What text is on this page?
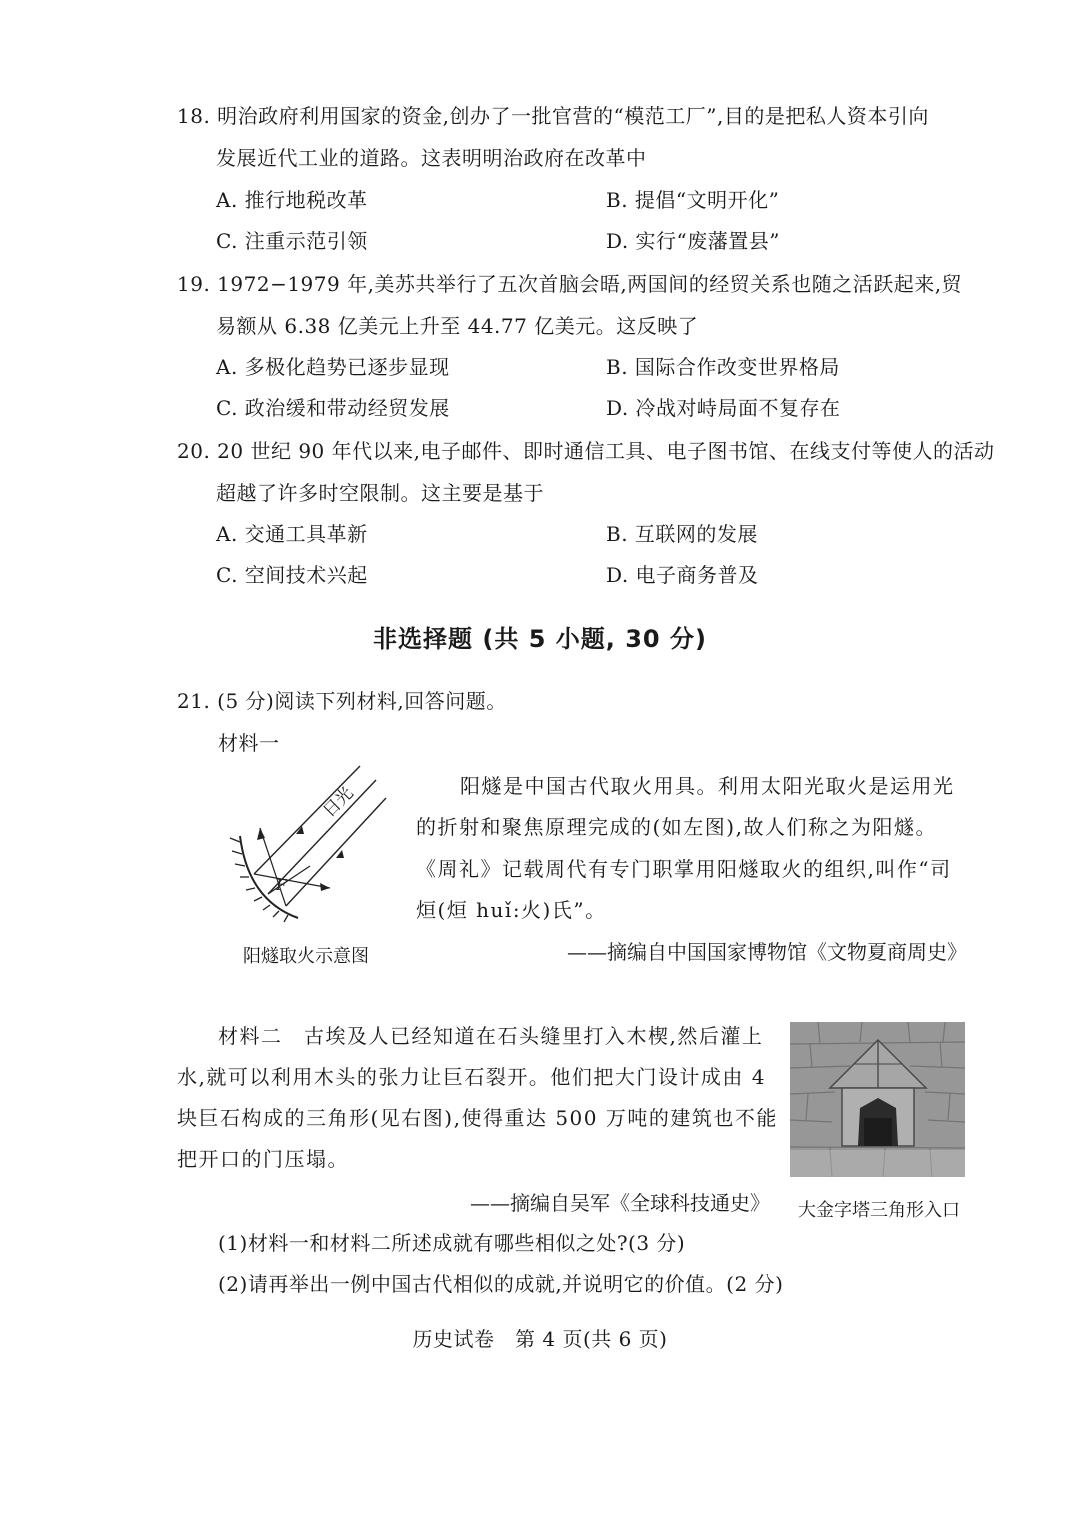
18. 明治政府利用国家的资金,创办了一批官营的“模范工厂”,目的是把私人资本引向
发展近代工业的道路。这表明明治政府在改革中
A. 推行地税改革	B. 提倡“文明开化”
C. 注重示范引领	D. 实行“废藩置县”
19. 1972−1979 年,美苏共举行了五次首脑会晤,两国间的经贸关系也随之活跃起来,贸
易额从 6.38 亿美元上升至 44.77 亿美元。这反映了
A. 多极化趋势已逐步显现	B. 国际合作改变世界格局
C. 政治缓和带动经贸发展	D. 冷战对峙局面不复存在
20. 20 世纪 90 年代以来,电子邮件、即时通信工具、电子图书馆、在线支付等使人的活动
超越了许多时空限制。这主要是基于
A. 交通工具革新	B. 互联网的发展
C. 空间技术兴起	D. 电子商务普及
非选择题 (共 5 小题, 30 分)
21. (5 分)阅读下列材料,回答问题。
材料一
日光
F
阳燧取火示意图
阳燧是中国古代取火用具。利用太阳光取火是运用光
的折射和聚焦原理完成的(如左图),故人们称之为阳燧。
《周礼》记载周代有专门职掌用阳燧取火的组织,叫作“司
烜(烜 huǐ:火)氏”。
——摘编自中国国家博物馆《文物夏商周史》
材料二　古埃及人已经知道在石头缝里打入木楔,然后灌上
水,就可以利用木头的张力让巨石裂开。他们把大门设计成由 4
块巨石构成的三角形(见右图),使得重达 500 万吨的建筑也不能
把开口的门压塌。
——摘编自吴军《全球科技通史》 大金字塔三角形入口
(1)材料一和材料二所述成就有哪些相似之处?(3 分)
(2)请再举出一例中国古代相似的成就,并说明它的价值。(2 分)
历史试卷　第 4 页(共 6 页)
